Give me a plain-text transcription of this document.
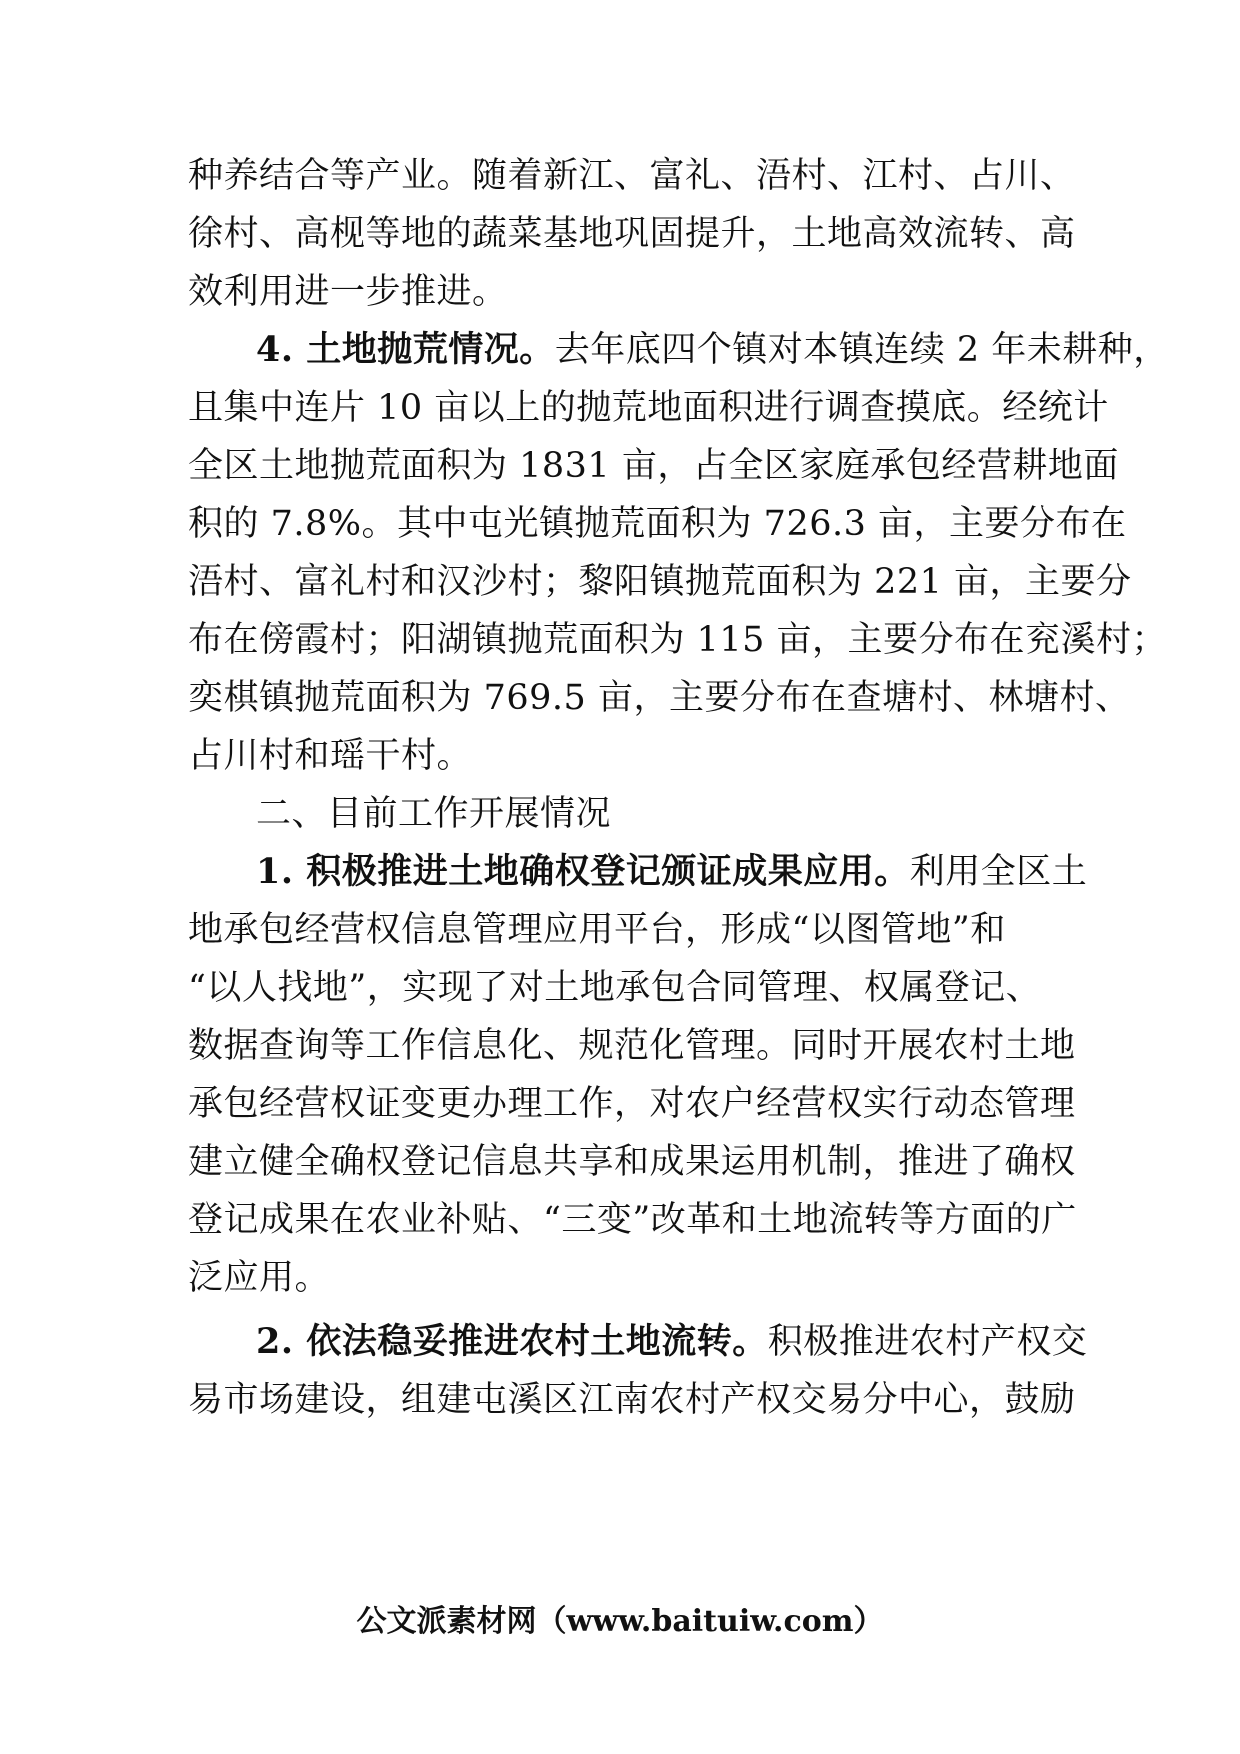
种养结合等产业。随着新江、富礼、浯村、江村、占川、
徐村、高枧等地的蔬菜基地巩固提升，土地高效流转、高
效利用进一步推进。
4. 土地抛荒情况。去年底四个镇对本镇连续 2 年未耕种，
且集中连片 10 亩以上的抛荒地面积进行调查摸底。经统计
全区土地抛荒面积为 1831 亩，占全区家庭承包经营耕地面
积的 7.8%。其中屯光镇抛荒面积为 726.3 亩，主要分布在
浯村、富礼村和汉沙村；黎阳镇抛荒面积为 221 亩，主要分
布在傍霞村；阳湖镇抛荒面积为 115 亩，主要分布在兖溪村；
奕棋镇抛荒面积为 769.5 亩，主要分布在查塘村、林塘村、
占川村和瑶干村。
二、目前工作开展情况
1. 积极推进土地确权登记颁证成果应用。利用全区土
地承包经营权信息管理应用平台，形成“以图管地”和
“以人找地”，实现了对土地承包合同管理、权属登记、
数据查询等工作信息化、规范化管理。同时开展农村土地
承包经营权证变更办理工作，对农户经营权实行动态管理
建立健全确权登记信息共享和成果运用机制，推进了确权
登记成果在农业补贴、“三变”改革和土地流转等方面的广
泛应用。
2. 依法稳妥推进农村土地流转。积极推进农村产权交
易市场建设，组建屯溪区江南农村产权交易分中心，鼓励
公文派素材网（www.baituiw.com）
